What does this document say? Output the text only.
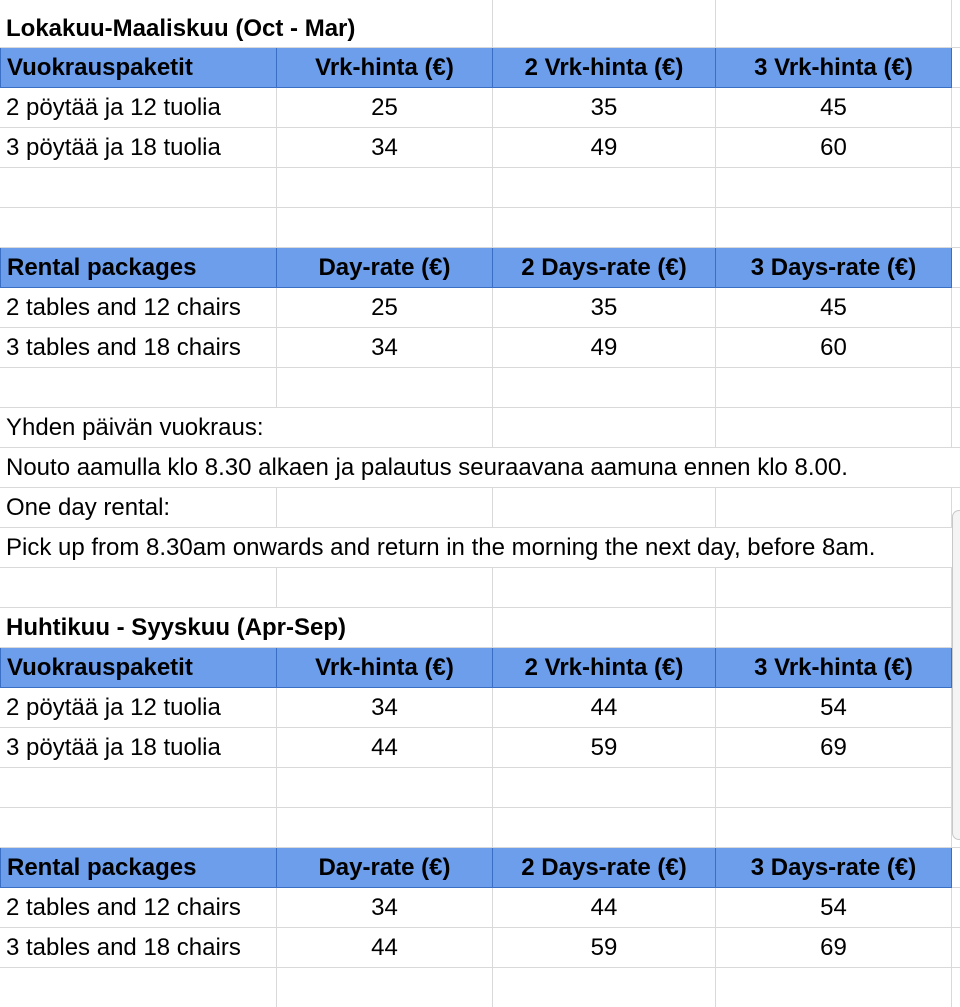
Lokakuu-Maaliskuu (Oct - Mar)
Vuokrauspaketit	Vrk-hinta (€)	2 Vrk-hinta (€)	3 Vrk-hinta (€)
2 pöytää ja 12 tuolia	25	35	45
3 pöytää ja 18 tuolia	34	49	60
Rental packages	Day-rate (€)	2 Days-rate (€)	3 Days-rate (€)
2 tables and 12 chairs	25	35	45
3 tables and 18 chairs	34	49	60
Yhden päivän vuokraus:
Nouto aamulla klo 8.30 alkaen ja palautus seuraavana aamuna ennen klo 8.00.
One day rental:
Pick up from 8.30am onwards and return in the morning the next day, before 8am.
Huhtikuu - Syyskuu (Apr-Sep)
Vuokrauspaketit	Vrk-hinta (€)	2 Vrk-hinta (€)	3 Vrk-hinta (€)
2 pöytää ja 12 tuolia	34	44	54
3 pöytää ja 18 tuolia	44	59	69
Rental packages	Day-rate (€)	2 Days-rate (€)	3 Days-rate (€)
2 tables and 12 chairs	34	44	54
3 tables and 18 chairs	44	59	69
